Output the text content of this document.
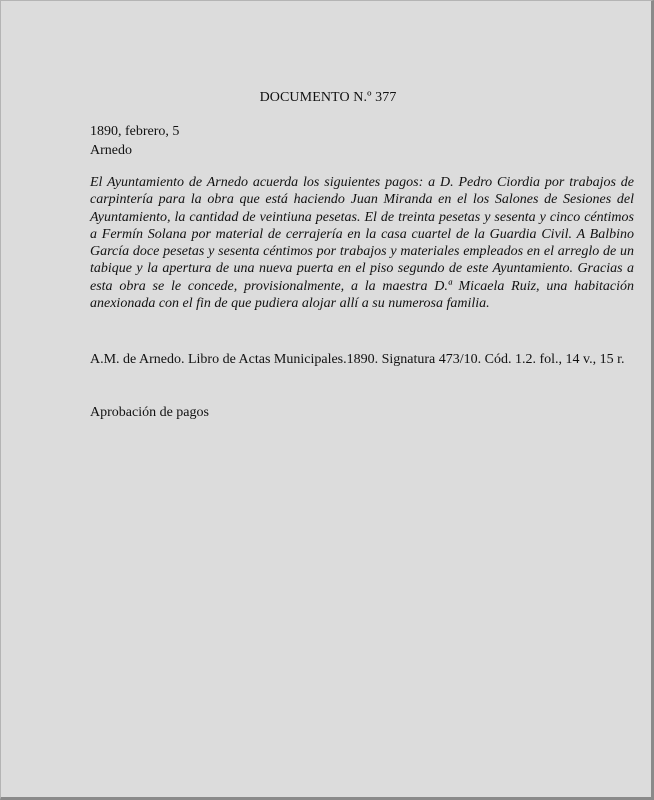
DOCUMENTO N.º 377
1890, febrero, 5
Arnedo

El Ayuntamiento de Arnedo acuerda los siguientes pagos: a D. Pedro Ciordia por trabajos de carpintería para la obra que está haciendo Juan Miranda en el los Salones de Sesiones del Ayuntamiento, la cantidad de veintiuna pesetas. El de treinta pesetas y sesenta y cinco céntimos a Fermín Solana por material de cerrajería en la casa cuartel de la Guardia Civil. A Balbino García doce pesetas y sesenta céntimos por trabajos y materiales empleados en el arreglo de un tabique y la apertura de una nueva puerta en el piso segundo de este Ayuntamiento. Gracias a esta obra se le concede, provisionalmente, a la maestra D.ª Micaela Ruiz, una habitación anexionada con el fin de que pudiera alojar allí a su numerosa familia.

A.M. de Arnedo. Libro de Actas Municipales.1890. Signatura 473/10. Cód. 1.2. fol., 14 v., 15 r.

Aprobación de pagos
